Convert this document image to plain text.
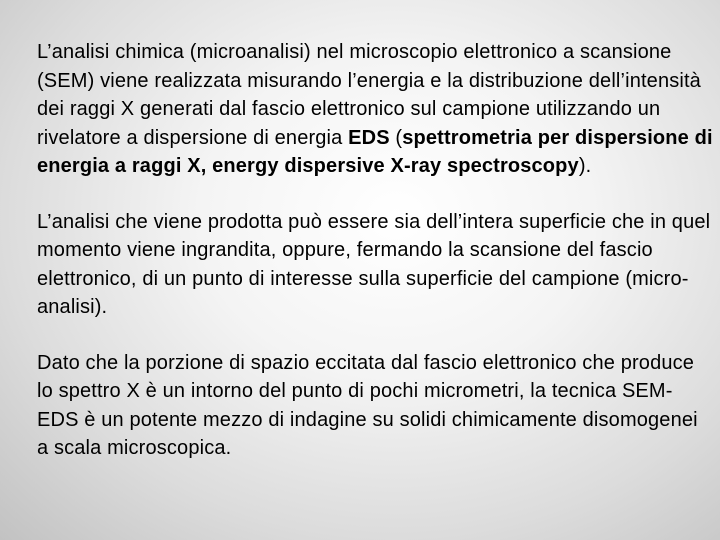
L’analisi chimica (microanalisi) nel microscopio elettronico a scansione (SEM) viene realizzata misurando l’energia e la distribuzione dell’intensità dei raggi X generati dal fascio elettronico sul campione utilizzando un rivelatore a dispersione di energia EDS (spettrometria per dispersione di energia a raggi X, energy dispersive X-ray spectroscopy).

L’analisi che viene prodotta può essere sia dell’intera superficie che in quel momento viene ingrandita, oppure, fermando la scansione del fascio elettronico, di un punto di interesse sulla superficie del campione (micro-analisi).

Dato che la porzione di spazio eccitata dal fascio elettronico che produce lo spettro X è un intorno del punto di pochi micrometri, la tecnica SEM-EDS è un potente mezzo di indagine su solidi chimicamente disomogenei a scala microscopica.
